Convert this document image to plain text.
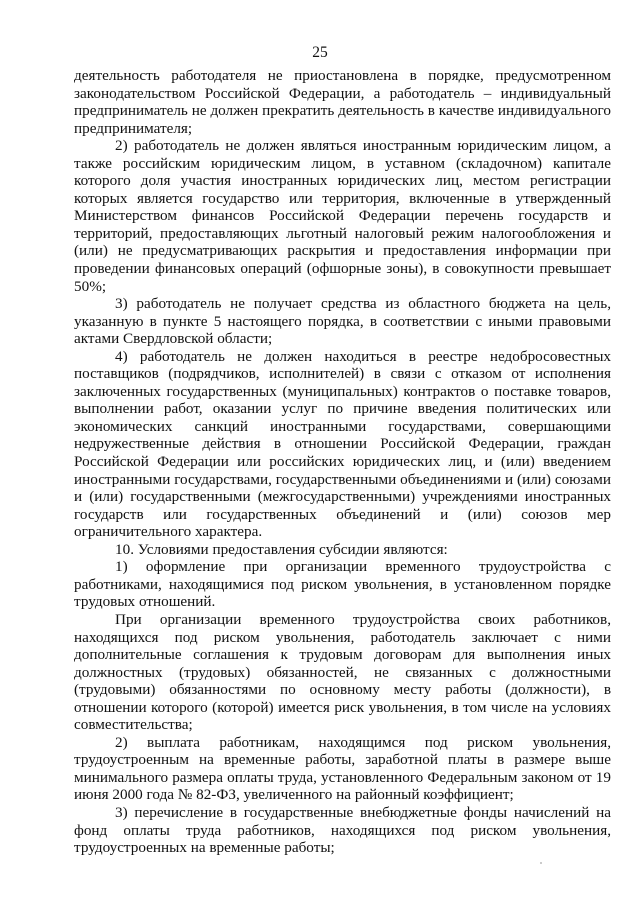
25

деятельность работодателя не приостановлена в порядке, предусмотренном законодательством Российской Федерации, а работодатель – индивидуальный предприниматель не должен прекратить деятельность в качестве индивидуального предпринимателя;

2) работодатель не должен являться иностранным юридическим лицом, а также российским юридическим лицом, в уставном (складочном) капитале которого доля участия иностранных юридических лиц, местом регистрации которых является государство или территория, включенные в утвержденный Министерством финансов Российской Федерации перечень государств и территорий, предоставляющих льготный налоговый режим налогообложения и (или) не предусматривающих раскрытия и предоставления информации при проведении финансовых операций (офшорные зоны), в совокупности превышает 50%;

3) работодатель не получает средства из областного бюджета на цель, указанную в пункте 5 настоящего порядка, в соответствии с иными правовыми актами Свердловской области;

4) работодатель не должен находиться в реестре недобросовестных поставщиков (подрядчиков, исполнителей) в связи с отказом от исполнения заключенных государственных (муниципальных) контрактов о поставке товаров, выполнении работ, оказании услуг по причине введения политических или экономических санкций иностранными государствами, совершающими недружественные действия в отношении Российской Федерации, граждан Российской Федерации или российских юридических лиц, и (или) введением иностранными государствами, государственными объединениями и (или) союзами и (или) государственными (межгосударственными) учреждениями иностранных государств или государственных объединений и (или) союзов мер ограничительного характера.

10. Условиями предоставления субсидии являются:

1) оформление при организации временного трудоустройства с работниками, находящимися под риском увольнения, в установленном порядке трудовых отношений.

При организации временного трудоустройства своих работников, находящихся под риском увольнения, работодатель заключает с ними дополнительные соглашения к трудовым договорам для выполнения иных должностных (трудовых) обязанностей, не связанных с должностными (трудовыми) обязанностями по основному месту работы (должности), в отношении которого (которой) имеется риск увольнения, в том числе на условиях совместительства;

2) выплата работникам, находящимся под риском увольнения, трудоустроенным на временные работы, заработной платы в размере выше минимального размера оплаты труда, установленного Федеральным законом от 19 июня 2000 года № 82-ФЗ, увеличенного на районный коэффициент;

3) перечисление в государственные внебюджетные фонды начислений на фонд оплаты труда работников, находящихся под риском увольнения, трудоустроенных на временные работы;
